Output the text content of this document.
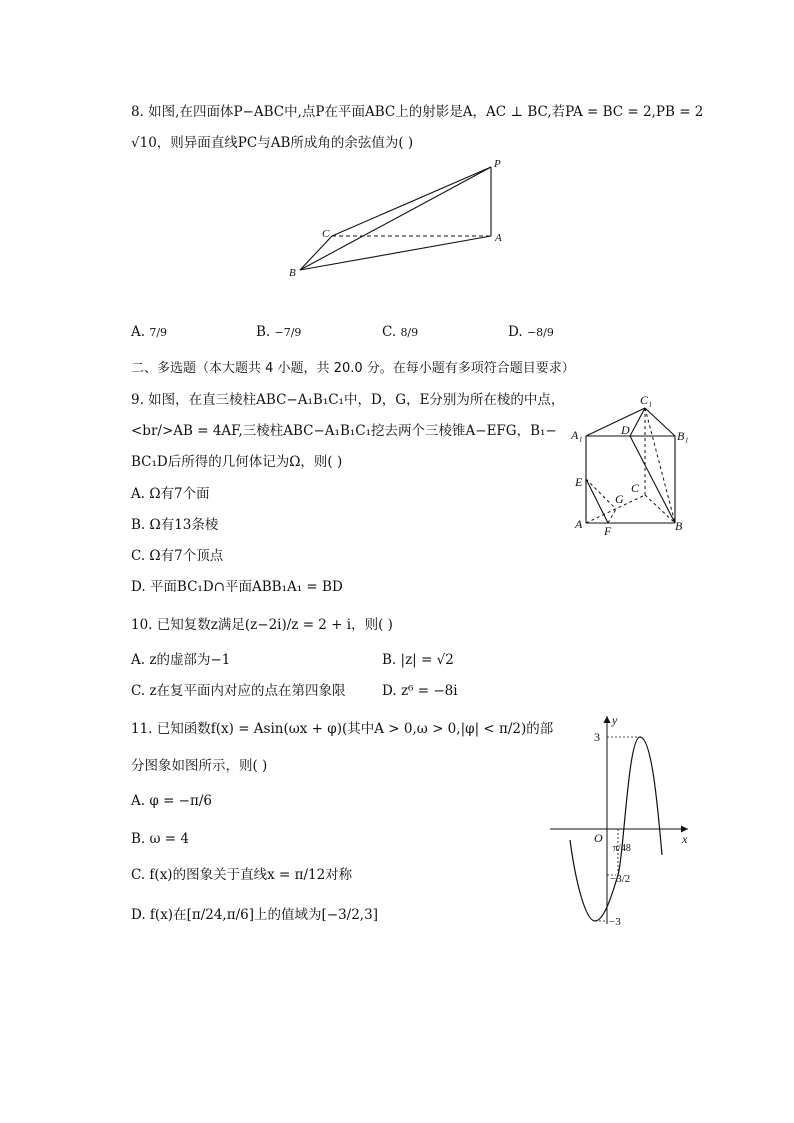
8. 如图,在四面体P−ABC中,点P在平面ABC上的射影是A，AC ⊥ BC,若PA = BC = 2,PB = 2
√10，则异面直线PC与AB所成角的余弦值为( )
P
C	A
B
A. 7/9	B. −7/9	C. 8/9	D. −8/9
二、多选题（本大题共 4 小题，共 20.0 分。在每小题有多项符合题目要求）
9. 如图，在直三棱柱ABC−A₁B₁C₁中，D，G，E分别为所在棱的中点，
<br/>AB = 4AF,三棱柱ABC−A₁B₁C₁挖去两个三棱锥A−EFG，B₁−
BC₁D后所得的几何体记为Ω，则( )
A. Ω有7个面
B. Ω有13条棱
C. Ω有7个顶点
D. 平面BC₁D∩平面ABB₁A₁ = BD
C₁
A₁	D	B₁
E
G
C
A F	B
10. 已知复数z满足(z−2i)/z = 2 + i，则( )
A. z的虚部为−1	B. |z| = √2
C. z在复平面内对应的点在第四象限	D. z⁶ = −8i
11. 已知函数f(x) = Asin(ωx + φ)(其中A > 0,ω > 0,|φ| < π/2)的部
分图象如图所示，则( )
A. φ = −π/6
B. ω = 4
C. f(x)的图象关于直线x = π/12对称
D. f(x)在[π/24,π/6]上的值域为[−3/2,3]
y
x
O
3
−3
−3/2
π/48
